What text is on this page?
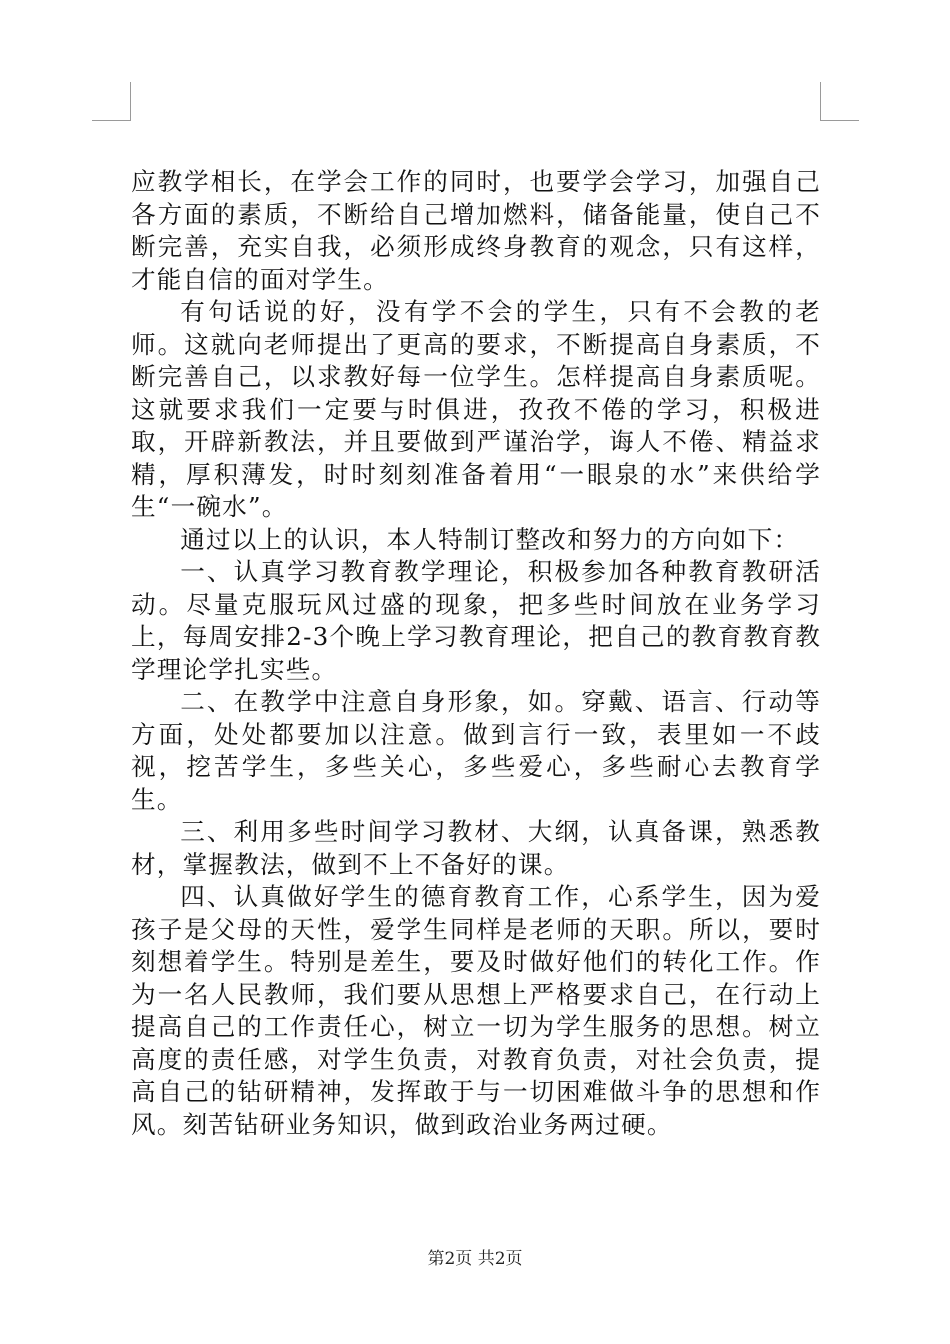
应教学相长，在学会工作的同时，也要学会学习，加强自己各方面的素质，不断给自己增加燃料，储备能量，使自己不断完善，充实自我，必须形成终身教育的观念，只有这样，才能自信的面对学生。

有句话说的好，没有学不会的学生，只有不会教的老师。这就向老师提出了更高的要求，不断提高自身素质，不断完善自己，以求教好每一位学生。怎样提高自身素质呢。这就要求我们一定要与时俱进，孜孜不倦的学习，积极进取，开辟新教法，并且要做到严谨治学，诲人不倦、精益求精，厚积薄发，时时刻刻准备着用“一眼泉的水”来供给学生“一碗水”。

通过以上的认识，本人特制订整改和努力的方向如下：

一、认真学习教育教学理论，积极参加各种教育教研活动。尽量克服玩风过盛的现象，把多些时间放在业务学习上，每周安排2-3个晚上学习教育理论，把自己的教育教育教学理论学扎实些。

二、在教学中注意自身形象，如。穿戴、语言、行动等方面，处处都要加以注意。做到言行一致，表里如一不歧视，挖苦学生，多些关心，多些爱心，多些耐心去教育学生。

三、利用多些时间学习教材、大纲，认真备课，熟悉教材，掌握教法，做到不上不备好的课。

四、认真做好学生的德育教育工作，心系学生，因为爱孩子是父母的天性，爱学生同样是老师的天职。所以，要时刻想着学生。特别是差生，要及时做好他们的转化工作。作为一名人民教师，我们要从思想上严格要求自己，在行动上提高自己的工作责任心，树立一切为学生服务的思想。树立高度的责任感，对学生负责，对教育负责，对社会负责，提高自己的钻研精神，发挥敢于与一切困难做斗争的思想和作风。刻苦钻研业务知识，做到政治业务两过硬。

第2页 共2页
